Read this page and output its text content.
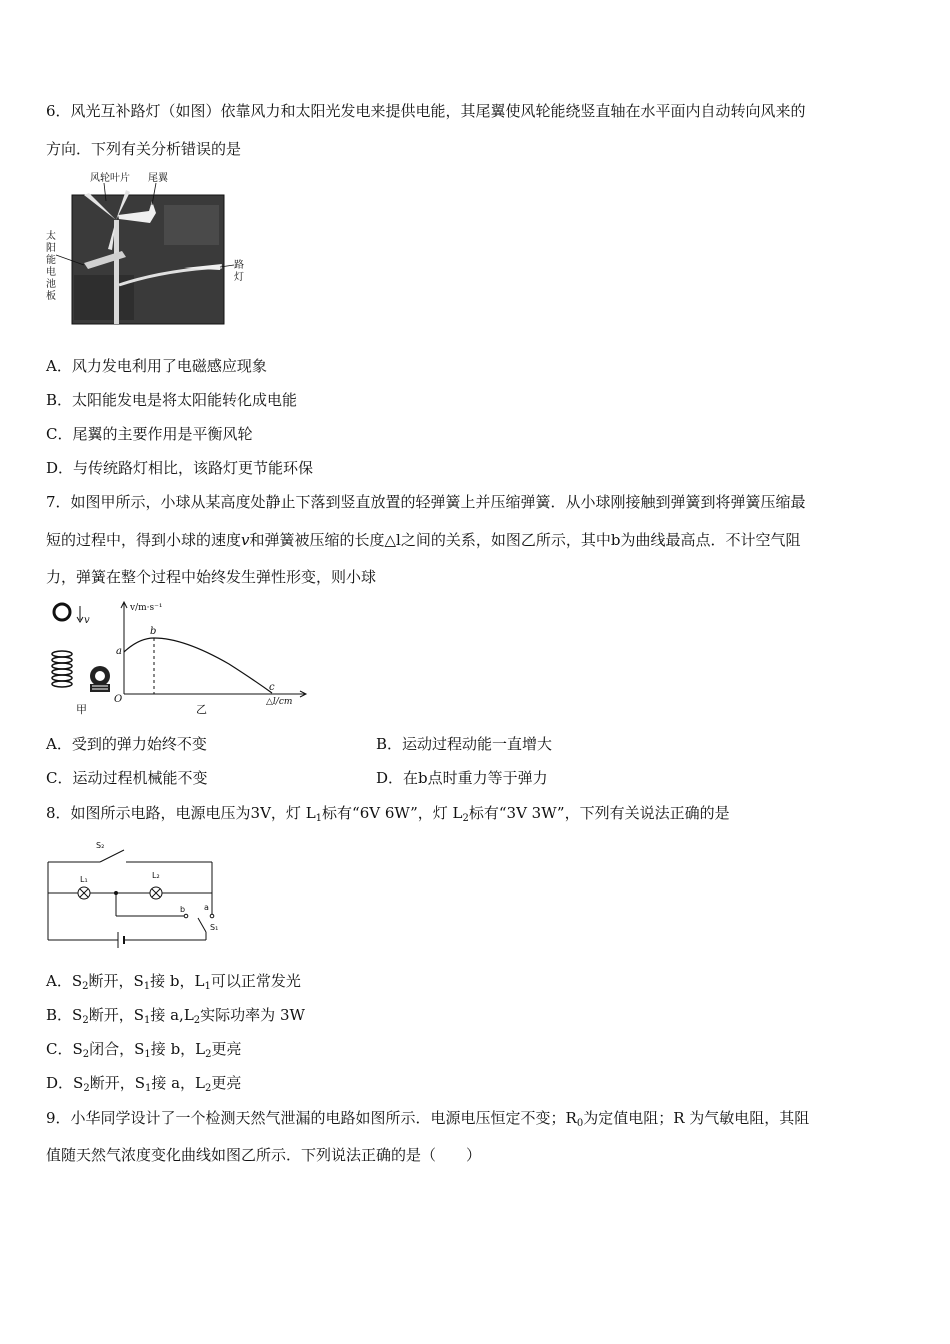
6．风光互补路灯（如图）依靠风力和太阳光发电来提供电能，其尾翼使风轮能绕竖直轴在水平面内自动转向风来的
方向．下列有关分析错误的是
风轮叶片 尾翼
太
阳
能
电
池
板
路
灯
A．风力发电利用了电磁感应现象
B．太阳能发电是将太阳能转化成电能
C．尾翼的主要作用是平衡风轮
D．与传统路灯相比，该路灯更节能环保
7．如图甲所示，小球从某高度处静止下落到竖直放置的轻弹簧上并压缩弹簧．从小球刚接触到弹簧到将弹簧压缩最
短的过程中，得到小球的速度v和弹簧被压缩的长度△l之间的关系，如图乙所示，其中b为曲线最高点．不计空气阻
力，弹簧在整个过程中始终发生弹性形变，则小球
v
甲
v/m·s⁻¹
△l/cm
O
a
b
c
乙
A．受到的弹力始终不变	B．运动过程动能一直增大
C．运动过程机械能不变	D．在b点时重力等于弹力
8．如图所示电路，电源电压为3V，灯 $L_1$标有“6V 6W”，灯 $L_2$标有“3V 3W”，下列有关说法正确的是
S₂
L₁	L₂
b a
S₁
A．$S_2$断开，$S_1$接 b，$L_1$可以正常发光
B．$S_2$断开，$S_1$接 $a,L_2$实际功率为 3W
C．$S_2$闭合，$S_1$接 b，$L_2$更亮
D．$S_2$断开，$S_1$接 a，$L_2$更亮
9．小华同学设计了一个检测天然气泄漏的电路如图所示．电源电压恒定不变；$R_0$为定值电阻；R 为气敏电阻，其阻
值随天然气浓度变化曲线如图乙所示．下列说法正确的是（　　）
